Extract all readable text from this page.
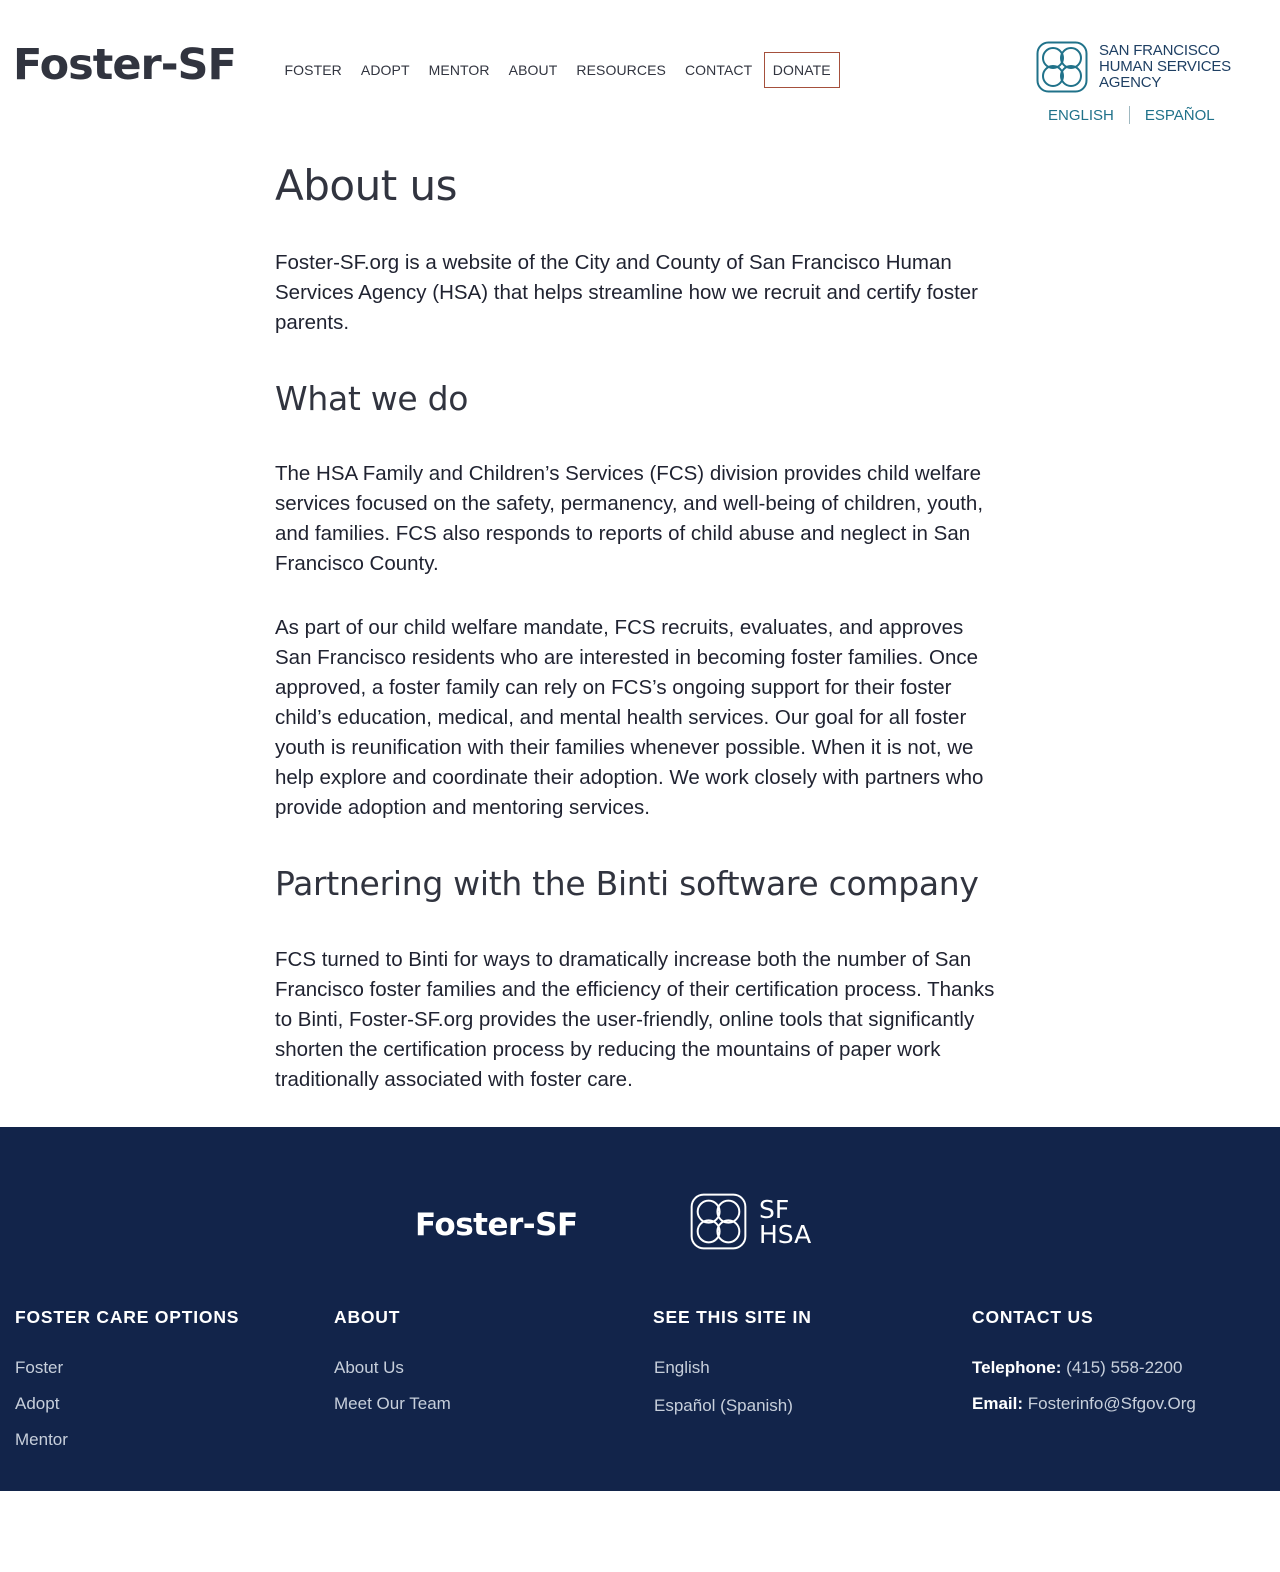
Foster-SF	FOSTER	ADOPT	MENTOR	ABOUT	RESOURCES	CONTACT	DONATE
SAN FRANCISCO
HUMAN SERVICES
AGENCY
ENGLISH ESPAÑOL
About us

Foster-SF.org is a website of the City and County of San Francisco Human Services Agency (HSA) that helps streamline how we recruit and certify foster parents.

What we do

The HSA Family and Children’s Services (FCS) division provides child welfare services focused on the safety, permanency, and well-being of children, youth, and families. FCS also responds to reports of child abuse and neglect in San Francisco County.

As part of our child welfare mandate, FCS recruits, evaluates, and approves San Francisco residents who are interested in becoming foster families. Once approved, a foster family can rely on FCS’s ongoing support for their foster child’s education, medical, and mental health services. Our goal for all foster youth is reunification with their families whenever possible. When it is not, we help explore and coordinate their adoption. We work closely with partners who provide adoption and mentoring services.

Partnering with the Binti software company

FCS turned to Binti for ways to dramatically increase both the number of San Francisco foster families and the efficiency of their certification process. Thanks to Binti, Foster-SF.org provides the user-friendly, online tools that significantly shorten the certification process by reducing the mountains of paper work traditionally associated with foster care.

Foster-SF	SF
HSA
FOSTER CARE OPTIONS
Foster
Adopt
Mentor
ABOUT
About Us
Meet Our Team
SEE THIS SITE IN
English
Español (Spanish)
CONTACT US
Telephone: (415) 558-2200
Email: Fosterinfo@Sfgov.Org
